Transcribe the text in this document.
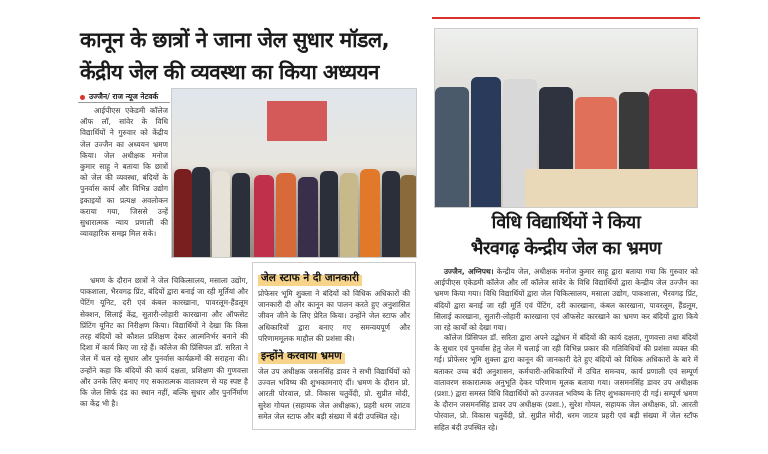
कानून के छात्रों ने जाना जेल सुधार मॉडल,
केंद्रीय जेल की व्यवस्था का किया अध्ययन
उज्जैन/ राज न्यूज नेटवर्क
आईपीएस एकेडमी कॉलेज ऑफ लॉ, सांवेर के विधि विद्यार्थियों ने गुरुवार को केंद्रीय जेल उज्जैन का अध्ययन भ्रमण किया। जेल अधीक्षक मनोज कुमार साहू ने बताया कि छात्रों को जेल की व्यवस्था, बंदियों के पुनर्वास कार्य और विभिन्न उद्योग इकाइयों का प्रत्यक्ष अवलोकन कराया गया, जिससे उन्हें सुधारात्मक न्याय प्रणाली की व्यावहारिक समझ मिल सके।
भ्रमण के दौरान छात्रों ने जेल चिकित्सालय, मसाला उद्योग, पाकशाला, भैरवगढ़ प्रिंट, बंदियों द्वारा बनाई जा रही मूर्तियां और पेंटिंग यूनिट, दरी एवं कंबल कारखाना, पावरलूम-हैंडलूम सेक्शन, सिलाई केंद्र, सुतारी-लोहारी कारखाना और ऑफसेट प्रिंटिंग यूनिट का निरीक्षण किया। विद्यार्थियों ने देखा कि किस तरह बंदियों को कौशल प्रशिक्षण देकर आत्मनिर्भर बनाने की दिशा में कार्य किए जा रहे हैं। कॉलेज की प्रिंसिपल डॉ. सरिता ने जेल में चल रहे सुधार और पुनर्वास कार्यक्रमों की सराहना की। उन्होंने कहा कि बंदियों की कार्य दक्षता, प्रशिक्षण की गुणवत्ता और उनके लिए बनाए गए सकारात्मक वातावरण से यह स्पष्ट है कि जेल सिर्फ दंड का स्थान नहीं, बल्कि सुधार और पुनर्निर्माण का केंद्र भी है।
जेल स्टाफ ने दी जानकारी
प्रोफेसर भूमि शुक्ला ने बंदियों को विधिक अधिकारों की जानकारी दी और कानून का पालन करते हुए अनुशासित जीवन जीने के लिए प्रेरित किया। उन्होंने जेल स्टाफ और अधिकारियों द्वारा बनाए गए समन्वयपूर्ण और परिणाममूलक माहौल की प्रशंसा की।
इन्होंने करवाया भ्रमण
जेल उप अधीक्षक जसनसिंह डावर ने सभी विद्यार्थियों को उज्वल भविष्य की शुभकामनाएं दीं। भ्रमण के दौरान प्रो. आरती पोरवाल, प्रो. विकास चतुर्वेदी, प्रो. सुप्रीत मोदी, सुरेश गोयल (सहायक जेल अधीक्षक), प्रहरी धरम जाटव समेत जेल स्टाफ और बड़ी संख्या में बंदी उपस्थित रहे।
विधि विद्यार्थियों ने किया
भैरवगढ़ केन्द्रीय जेल का भ्रमण
उज्जैन, अग्निपथ। केन्द्रीय जेल, अधीक्षक मनोज कुमार साहू द्वारा बताया गया कि गुरुवार को आईपीएस एकेडमी कॉलेज और लॉ कॉलेज सांवेर के विधि विद्यार्थियों द्वारा केन्द्रीय जेल उज्जैन का भ्रमण किया गया। विधि विद्यार्थियों द्वारा जेल चिकित्सालय, मसाला उद्योग, पाकशाला, भैरवगढ़ प्रिंट, बंदियों द्वारा बनाई जा रही मूर्ति एवं पेंटिंग, दरी कारखाना, कंबल कारखाना, पावरलूम, हैंडलूम, सिलाई कारखाना, सुतारी-लोहारी कारखाना एवं ऑफसेट कारखाने का भ्रमण कर बंदियों द्वारा किये जा रहे कार्यों को देखा गया।
कॉलेज प्रिंसिपल डॉ. सरिता द्वारा अपने उद्बोधन में बंदियों की कार्य दक्षता, गुणवत्ता तथा बंदियों के सुधार एवं पुनर्वास हेतु जेल में चलाई जा रही विभिन्न प्रकार की गतिविधियों की प्रशंसा व्यक्त की गई। प्रोफेसर भूमि शुक्ला द्वारा कानून की जानकारी देते हुए बंदियों को विधिक अधिकारों के बारे में बताकर उच्च बंदी अनुशासन, कर्मचारी-अधिकारियों में उचित समन्वय, कार्य प्रणाली एवं सम्पूर्ण वातावरण सकारात्मक अनुभूति देकर परिणाम मूलक बताया गया। जसमनसिंह डावर उप अधीक्षक (प्रशा.) द्वारा समस्त विधि विद्यार्थियों को उज्जवल भविष्य के लिए शुभकामनाएं दी गई। सम्पूर्ण भ्रमण के दौरान जसमनसिंह डावर उप अधीक्षक (प्रशा.), सुरेश गोयल, सहायक जेल अधीक्षक, प्रो. आरती पोरवाल, प्रो. विकास चतुर्वेदी, प्रो. सुप्रीत मोदी, धरम जाटव प्रहरी एवं बड़ी संख्या में जेल स्टॉफ सहित बंदी उपस्थित रहे।
